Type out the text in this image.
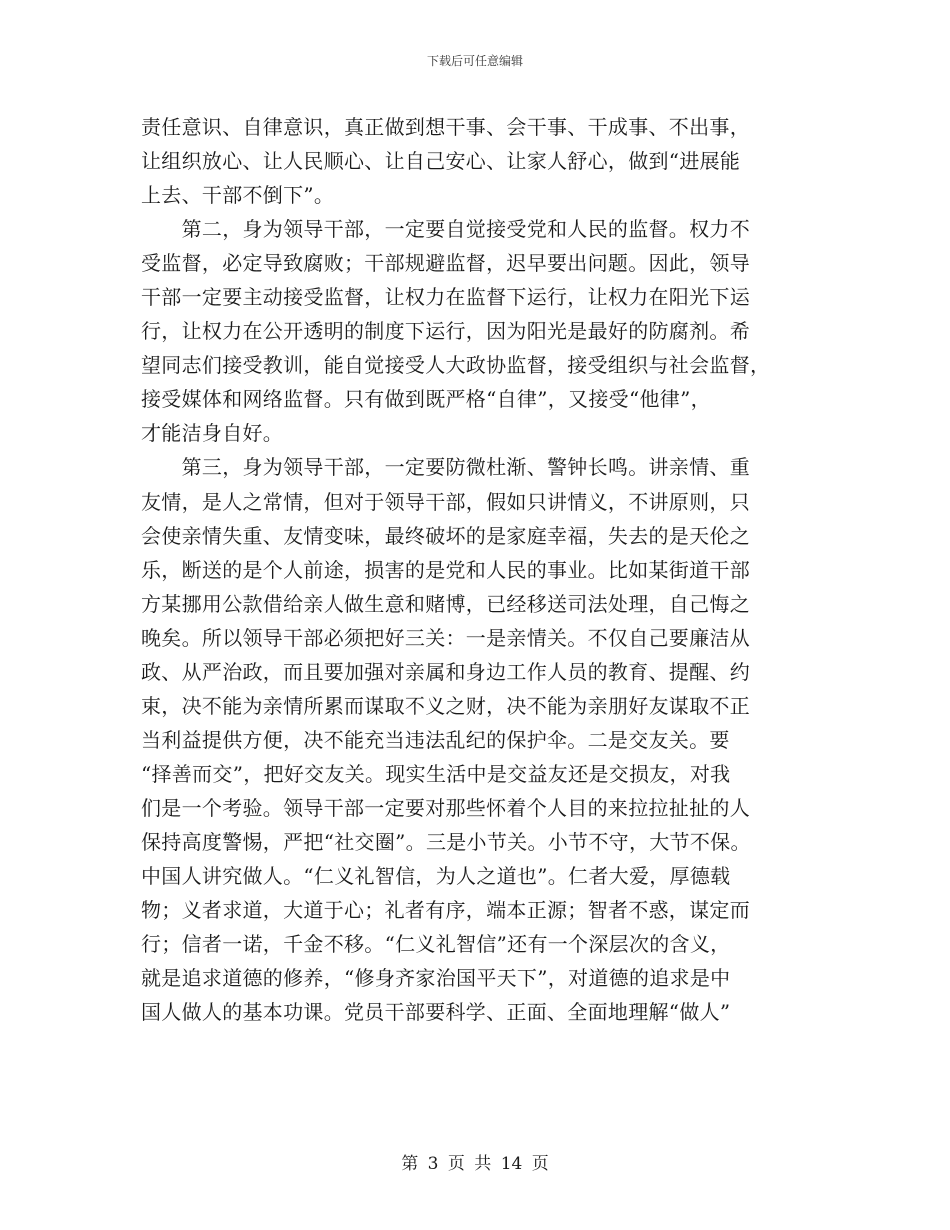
下载后可任意编辑
责任意识、自律意识，真正做到想干事、会干事、干成事、不出事，
让组织放心、让人民顺心、让自己安心、让家人舒心，做到“进展能
上去、干部不倒下”。
　　第二，身为领导干部，一定要自觉接受党和人民的监督。权力不
受监督，必定导致腐败；干部规避监督，迟早要出问题。因此，领导
干部一定要主动接受监督，让权力在监督下运行，让权力在阳光下运
行，让权力在公开透明的制度下运行，因为阳光是最好的防腐剂。希
望同志们接受教训，能自觉接受人大政协监督，接受组织与社会监督，
接受媒体和网络监督。只有做到既严格“自律”，又接受“他律”，
才能洁身自好。
　　第三，身为领导干部，一定要防微杜渐、警钟长鸣。讲亲情、重
友情，是人之常情，但对于领导干部，假如只讲情义，不讲原则，只
会使亲情失重、友情变味，最终破坏的是家庭幸福，失去的是天伦之
乐，断送的是个人前途，损害的是党和人民的事业。比如某街道干部
方某挪用公款借给亲人做生意和赌博，已经移送司法处理，自己悔之
晚矣。所以领导干部必须把好三关：一是亲情关。不仅自己要廉洁从
政、从严治政，而且要加强对亲属和身边工作人员的教育、提醒、约
束，决不能为亲情所累而谋取不义之财，决不能为亲朋好友谋取不正
当利益提供方便，决不能充当违法乱纪的保护伞。二是交友关。要
“择善而交”，把好交友关。现实生活中是交益友还是交损友，对我
们是一个考验。领导干部一定要对那些怀着个人目的来拉拉扯扯的人
保持高度警惕，严把“社交圈”。三是小节关。小节不守，大节不保。
中国人讲究做人。“仁义礼智信，为人之道也”。仁者大爱，厚德载
物；义者求道，大道于心；礼者有序，端本正源；智者不惑，谋定而
行；信者一诺，千金不移。“仁义礼智信”还有一个深层次的含义，
就是追求道德的修养，“修身齐家治国平天下”，对道德的追求是中
国人做人的基本功课。党员干部要科学、正面、全面地理解“做人”
第 3 页 共 14 页
